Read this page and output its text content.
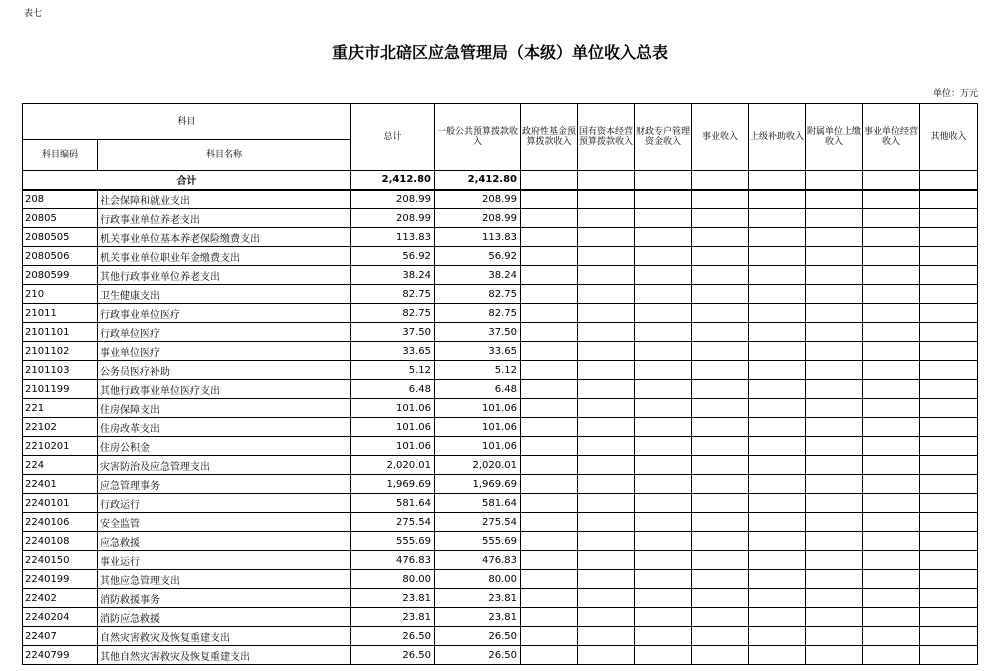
表七
重庆市北碚区应急管理局（本级）单位收入总表
单位：万元
科目		总计	一般公共预算拨款收入	政府性基金预算拨款收入	国有资本经营预算拨款收入	财政专户管理资金收入	事业收入	上级补助收入	附属单位上缴收入	事业单位经营收入	其他收入
科目编码	科目名称										
合计		2,412.80	2,412.80								
208	社会保障和就业支出	208.99	208.99								
20805	行政事业单位养老支出	208.99	208.99								
2080505	机关事业单位基本养老保险缴费支出	113.83	113.83								
2080506	机关事业单位职业年金缴费支出	56.92	56.92								
2080599	其他行政事业单位养老支出	38.24	38.24								
210	卫生健康支出	82.75	82.75								
21011	行政事业单位医疗	82.75	82.75								
2101101	行政单位医疗	37.50	37.50								
2101102	事业单位医疗	33.65	33.65								
2101103	公务员医疗补助	5.12	5.12								
2101199	其他行政事业单位医疗支出	6.48	6.48								
221	住房保障支出	101.06	101.06								
22102	住房改革支出	101.06	101.06								
2210201	住房公积金	101.06	101.06								
224	灾害防治及应急管理支出	2,020.01	2,020.01								
22401	应急管理事务	1,969.69	1,969.69								
2240101	行政运行	581.64	581.64								
2240106	安全监管	275.54	275.54								
2240108	应急救援	555.69	555.69								
2240150	事业运行	476.83	476.83								
2240199	其他应急管理支出	80.00	80.00								
22402	消防救援事务	23.81	23.81								
2240204	消防应急救援	23.81	23.81								
22407	自然灾害救灾及恢复重建支出	26.50	26.50								
2240799	其他自然灾害救灾及恢复重建支出	26.50	26.50								
